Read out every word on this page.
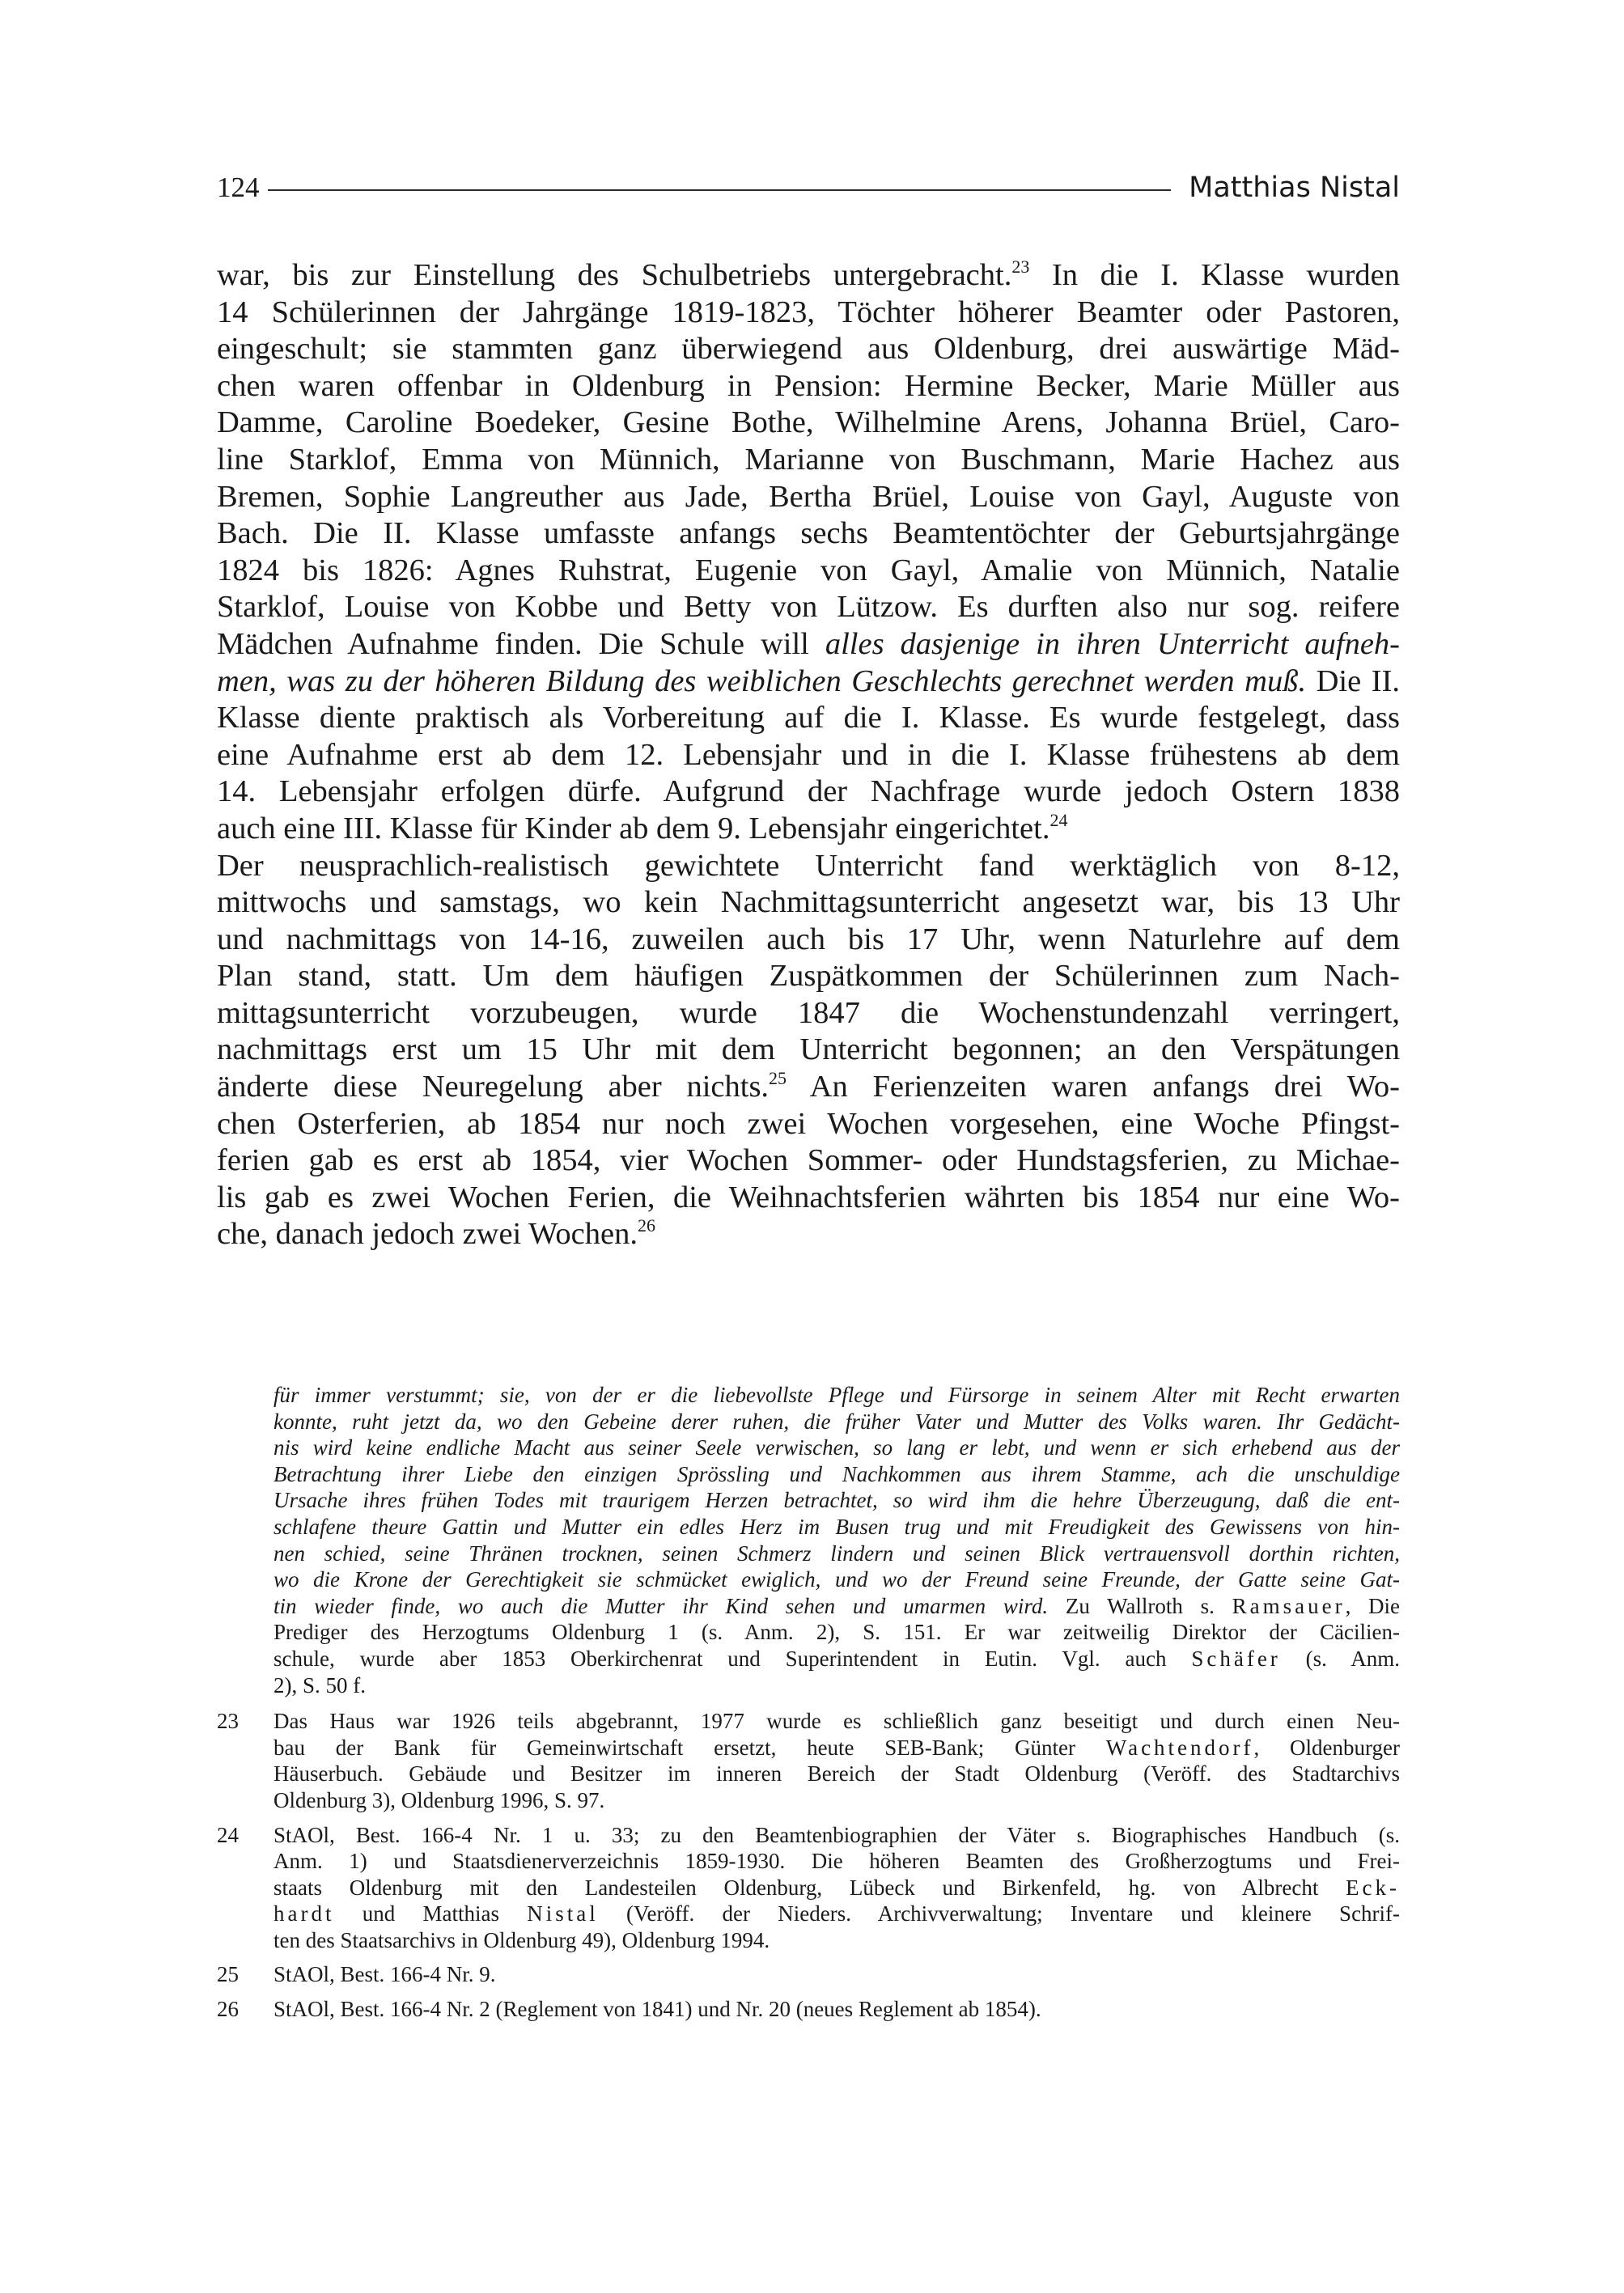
124	Matthias Nistal

war, bis zur Einstellung des Schulbetriebs untergebracht.$^{23}$ In die I. Klasse wurden

14 Schülerinnen der Jahrgänge 1819-1823, Töchter höherer Beamter oder Pastoren,

eingeschult; sie stammten ganz überwiegend aus Oldenburg, drei auswärtige Mäd-

chen waren offenbar in Oldenburg in Pension: Hermine Becker, Marie Müller aus

Damme, Caroline Boedeker, Gesine Bothe, Wilhelmine Arens, Johanna Brüel, Caro-

line Starklof, Emma von Münnich, Marianne von Buschmann, Marie Hachez aus

Bremen, Sophie Langreuther aus Jade, Bertha Brüel, Louise von Gayl, Auguste von

Bach. Die II. Klasse umfasste anfangs sechs Beamtentöchter der Geburtsjahrgänge

1824 bis 1826: Agnes Ruhstrat, Eugenie von Gayl, Amalie von Münnich, Natalie

Starklof, Louise von Kobbe und Betty von Lützow. Es durften also nur sog. reifere

Mädchen Aufnahme finden. Die Schule will alles dasjenige in ihren Unterricht aufneh-

men, was zu der höheren Bildung des weiblichen Geschlechts gerechnet werden muß. Die II.

Klasse diente praktisch als Vorbereitung auf die I. Klasse. Es wurde festgelegt, dass

eine Aufnahme erst ab dem 12. Lebensjahr und in die I. Klasse frühestens ab dem

14. Lebensjahr erfolgen dürfe. Aufgrund der Nachfrage wurde jedoch Ostern 1838

auch eine III. Klasse für Kinder ab dem 9. Lebensjahr eingerichtet.$^{24}$

Der neusprachlich-realistisch gewichtete Unterricht fand werktäglich von 8-12,

mittwochs und samstags, wo kein Nachmittagsunterricht angesetzt war, bis 13 Uhr

und nachmittags von 14-16, zuweilen auch bis 17 Uhr, wenn Naturlehre auf dem

Plan stand, statt. Um dem häufigen Zuspätkommen der Schülerinnen zum Nach-

mittagsunterricht vorzubeugen, wurde 1847 die Wochenstundenzahl verringert,

nachmittags erst um 15 Uhr mit dem Unterricht begonnen; an den Verspätungen

änderte diese Neuregelung aber nichts.$^{25}$ An Ferienzeiten waren anfangs drei Wo-

chen Osterferien, ab 1854 nur noch zwei Wochen vorgesehen, eine Woche Pfingst-

ferien gab es erst ab 1854, vier Wochen Sommer- oder Hundstagsferien, zu Michae-

lis gab es zwei Wochen Ferien, die Weihnachtsferien währten bis 1854 nur eine Wo-

che, danach jedoch zwei Wochen.$^{26}$

für immer verstummt; sie, von der er die liebevollste Pflege und Fürsorge in seinem Alter mit Recht erwarten

konnte, ruht jetzt da, wo den Gebeine derer ruhen, die früher Vater und Mutter des Volks waren. Ihr Gedächt-

nis wird keine endliche Macht aus seiner Seele verwischen, so lang er lebt, und wenn er sich erhebend aus der

Betrachtung ihrer Liebe den einzigen Sprössling und Nachkommen aus ihrem Stamme, ach die unschuldige

Ursache ihres frühen Todes mit traurigem Herzen betrachtet, so wird ihm die hehre Überzeugung, daß die ent-

schlafene theure Gattin und Mutter ein edles Herz im Busen trug und mit Freudigkeit des Gewissens von hin-

nen schied, seine Thränen trocknen, seinen Schmerz lindern und seinen Blick vertrauensvoll dorthin richten,

wo die Krone der Gerechtigkeit sie schmücket ewiglich, und wo der Freund seine Freunde, der Gatte seine Gat-

tin wieder finde, wo auch die Mutter ihr Kind sehen und umarmen wird. Zu Wallroth s. Ramsauer, Die

Prediger des Herzogtums Oldenburg 1 (s. Anm. 2), S. 151. Er war zeitweilig Direktor der Cäcilien-

schule, wurde aber 1853 Oberkirchenrat und Superintendent in Eutin. Vgl. auch Schäfer (s. Anm.

2), S. 50 f.

23	Das Haus war 1926 teils abgebrannt, 1977 wurde es schließlich ganz beseitigt und durch einen Neu-

bau der Bank für Gemeinwirtschaft ersetzt, heute SEB-Bank; Günter Wachtendorf, Oldenburger

Häuserbuch. Gebäude und Besitzer im inneren Bereich der Stadt Oldenburg (Veröff. des Stadtarchivs

Oldenburg 3), Oldenburg 1996, S. 97.

24	StAOl, Best. 166-4 Nr. 1 u. 33; zu den Beamtenbiographien der Väter s. Biographisches Handbuch (s.

Anm. 1) und Staatsdienerverzeichnis 1859-1930. Die höheren Beamten des Großherzogtums und Frei-

staats Oldenburg mit den Landesteilen Oldenburg, Lübeck und Birkenfeld, hg. von Albrecht Eck-

hardt und Matthias Nistal (Veröff. der Nieders. Archivverwaltung; Inventare und kleinere Schrif-

ten des Staatsarchivs in Oldenburg 49), Oldenburg 1994.

25	StAOl, Best. 166-4 Nr. 9.

26	StAOl, Best. 166-4 Nr. 2 (Reglement von 1841) und Nr. 20 (neues Reglement ab 1854).
